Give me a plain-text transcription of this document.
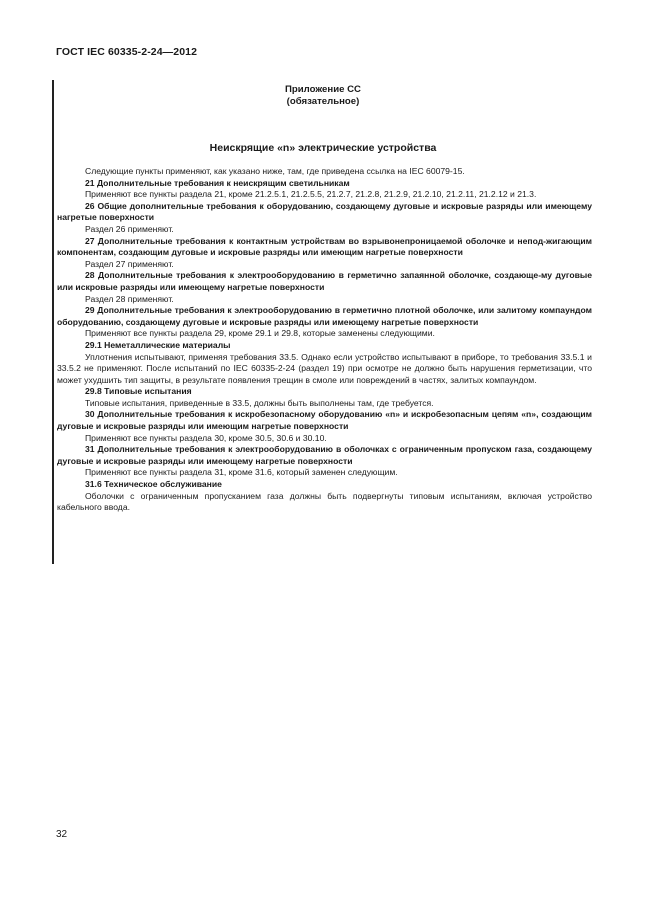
ГОСТ IEC 60335-2-24—2012
Приложение СС
(обязательное)
Неискрящие «n» электрические устройства

Следующие пункты применяют, как указано ниже, там, где приведена ссылка на IEC 60079-15.

21 Дополнительные требования к неискрящим светильникам

Применяют все пункты раздела 21, кроме 21.2.5.1, 21.2.5.5, 21.2.7, 21.2.8, 21.2.9, 21.2.10, 21.2.11, 21.2.12 и 21.3.

26 Общие дополнительные требования к оборудованию, создающему дуговые и искровые разряды или имеющему нагретые поверхности

Раздел 26 применяют.

27 Дополнительные требования к контактным устройствам во взрывонепроницаемой оболочке и непод-жигающим компонентам, создающим дуговые и искровые разряды или имеющим нагретые поверхности

Раздел 27 применяют.

28 Дополнительные требования к электрооборудованию в герметично запаянной оболочке, создающе-му дуговые или искровые разряды или имеющему нагретые поверхности

Раздел 28 применяют.

29 Дополнительные требования к электрооборудованию в герметично плотной оболочке, или залитому компаундом оборудованию, создающему дуговые и искровые разряды или имеющему нагретые поверхности

Применяют все пункты раздела 29, кроме 29.1 и 29.8, которые заменены следующими.

29.1 Неметаллические материалы

Уплотнения испытывают, применяя требования 33.5. Однако если устройство испытывают в приборе, то требования 33.5.1 и 33.5.2 не применяют. После испытаний по IEC 60335-2-24 (раздел 19) при осмотре не должно быть нарушения герметизации, что может ухудшить тип защиты, в результате появления трещин в смоле или повреждений в частях, залитых компаундом.

29.8 Типовые испытания

Типовые испытания, приведенные в 33.5, должны быть выполнены там, где требуется.

30 Дополнительные требования к искробезопасному оборудованию «n» и искробезопасным цепям «n», создающим дуговые и искровые разряды или имеющим нагретые поверхности

Применяют все пункты раздела 30, кроме 30.5, 30.6 и 30.10.

31 Дополнительные требования к электрооборудованию в оболочках с ограниченным пропуском газа, создающему дуговые и искровые разряды или имеющему нагретые поверхности

Применяют все пункты раздела 31, кроме 31.6, который заменен следующим.

31.6 Техническое обслуживание

Оболочки с ограниченным пропусканием газа должны быть подвергнуты типовым испытаниям, включая устройство кабельного ввода.

32
